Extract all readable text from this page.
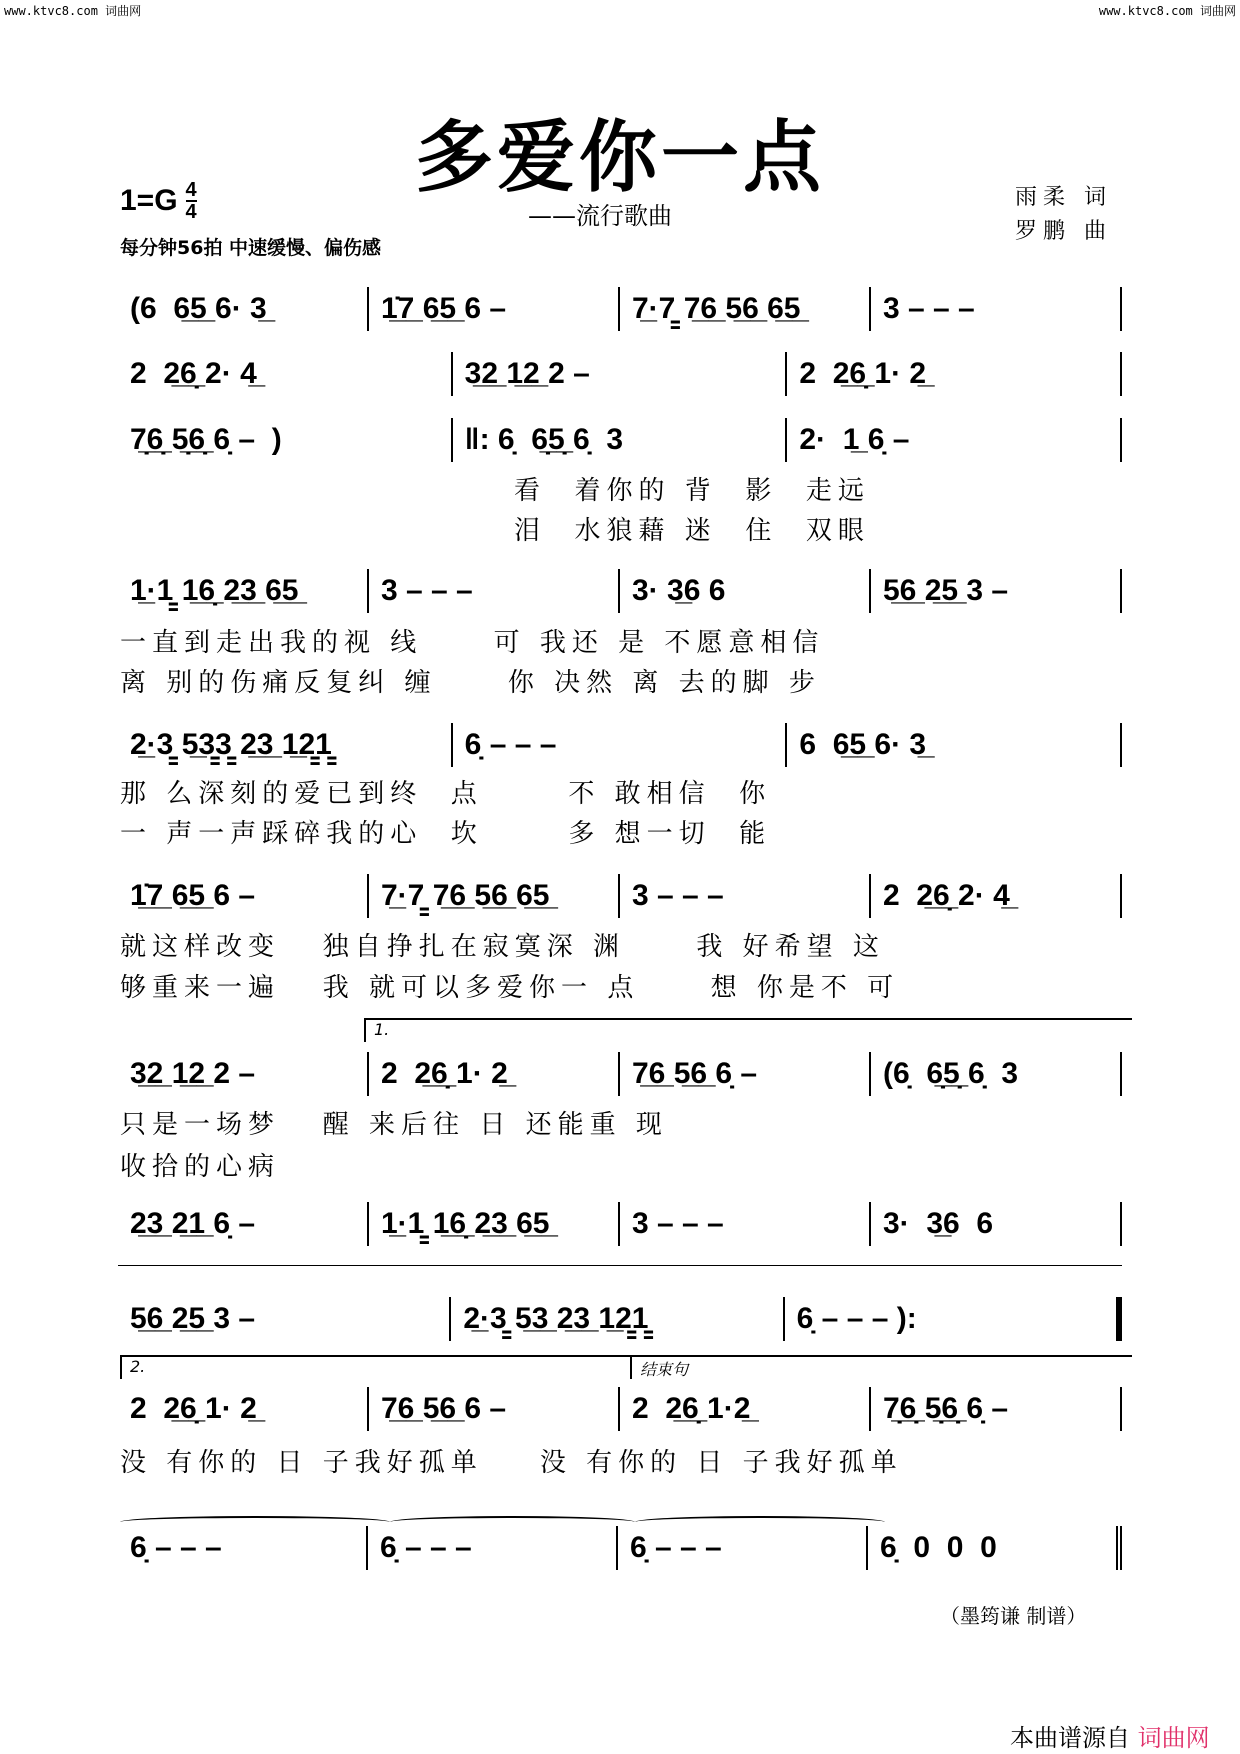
www.ktvc8.com 词曲网	www.ktvc8.com 词曲网
多爱你一点
1=G 4
4
每分钟56拍 中速缓慢、偏伤感
——流行歌曲
雨柔 词
罗鹏 曲
(6  6̲5̲ 6· 3̲	1̲̇7̲ 6̲5̲ 6 –	7̲·7̳ 7̲6̲ 5̲6̲ 6̲5̲	3 – – –
2  2̲6̲̣ 2· 4̲	3̲2̲ 1̲2̲ 2 –	2  2̲6̲̣ 1· 2̲
7̲̣6̲̣ 5̲̣6̲̣ 6̣ –  )	‖: 6̣  6̲̣5̲̣ 6̣  3	2·  1̲ 6̣ –
1̲·1̳ 1̲6̲̣ 2̲3̲ 6̲5̲	3 – – –	3· 3̲6 6	5̲6̲ 2̲5̲ 3 –
2̲·3̳ 5̲3̳3̳ 2̲3̲ 1̲2̳1̳	6̣ – – –	6  6̲5̲ 6· 3̲
1̲̇7̲ 6̲5̲ 6 –	7̲·7̳ 7̲6̲ 5̲6̲ 6̲5̲	3 – – –	2  2̲6̲̣ 2· 4̲
3̲2̲ 1̲2̲ 2 –	2  2̲6̲̣ 1· 2̲	7̲6̲ 5̲6̲ 6̣ –	(6̣  6̲̣5̲̣ 6̣  3
2̲3̲ 2̲1̲ 6̣ –	1̲·1̳ 1̲6̲̣ 2̲3̲ 6̲5̲	3 – – –	3·  3̲6  6
5̲6̲ 2̲5̲ 3 –	2̲·3̳ 5̲3̲ 2̲3̲ 1̲2̳1̳	6̣ – – – ):
2  2̲6̲̣ 1· 2̲	7̲6̲ 5̲6̲ 6 –	2  2̲6̲̣ 1·2̲	7̲̣6̲̣ 5̲̣6̲̣ 6̣ –
6̣ – – –	6̣ – – –	6̣ – – –	6̣  0  0  0
看  着你的 背  影  走远
泪  水狼藉 迷  住  双眼
一直到走出我的视 线     可 我还 是 不愿意相信
离 别的伤痛反复纠 缠     你 决然 离 去的脚 步
那 么深刻的爱已到终  点      不 敢相信  你
一 声一声踩碎我的心  坎      多 想一切  能
就这样改变   独自挣扎在寂寞深 渊     我 好希望 这
够重来一遍   我 就可以多爱你一 点     想 你是不 可
只是一场梦   醒 来后往 日 还能重 现
收拾的心病
没 有你的 日 子我好孤单    没 有你的 日 子我好孤单
1.
2.	结束句
（墨筠谦 制谱）
本曲谱源自 词曲网
